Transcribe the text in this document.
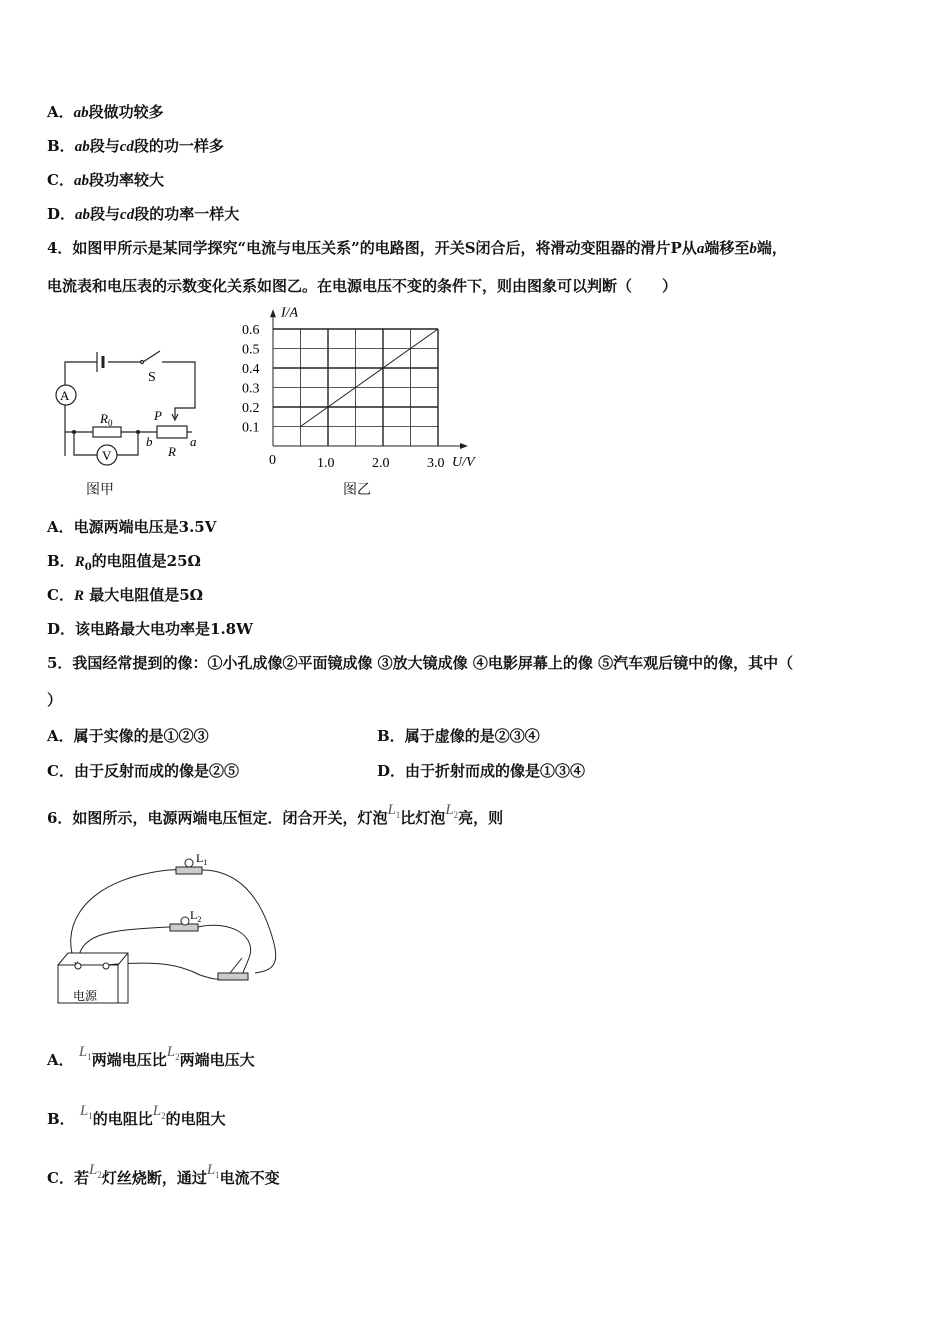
A．ab段做功较多
B．ab段与cd段的功一样多
C．ab段功率较大
D．ab段与cd段的功率一样大
4．如图甲所示是某同学探究“电流与电压关系”的电路图，开关S闭合后，将滑动变阻器的滑片P从a端移至b端，
电流表和电压表的示数变化关系如图乙。在电源电压不变的条件下，则由图象可以判断（　　）
A
V
S
$R_0$	P
R
b	a
图甲
0.1
0.2
0.3
0.4
0.5
0.6
1.0	2.0	3.0
0	U/V
I/A
图乙
A．电源两端电压是3.5V
B．$R_0$的电阻值是25Ω
C．R 最大电阻值是5Ω
D．该电路最大电功率是1.8W
5．我国经常提到的像：①小孔成像②平面镜成像 ③放大镜成像 ④电影屏幕上的像 ⑤汽车观后镜中的像，其中（
）
A．属于实像的是①②③	B．属于虚像的是②③④
C．由于反射而成的像是②⑤	D．由于折射而成的像是①③④
6．如图所示，电源两端电压恒定．闭合开关，灯泡$L_1$比灯泡$L_2$亮，则
$L_1$
$L_2$
电源
A． $L_1$两端电压比$L_2$两端电压大
B． $L_1$的电阻比$L_2$的电阻大
C．若$L_2$灯丝烧断，通过$L_1$电流不变
